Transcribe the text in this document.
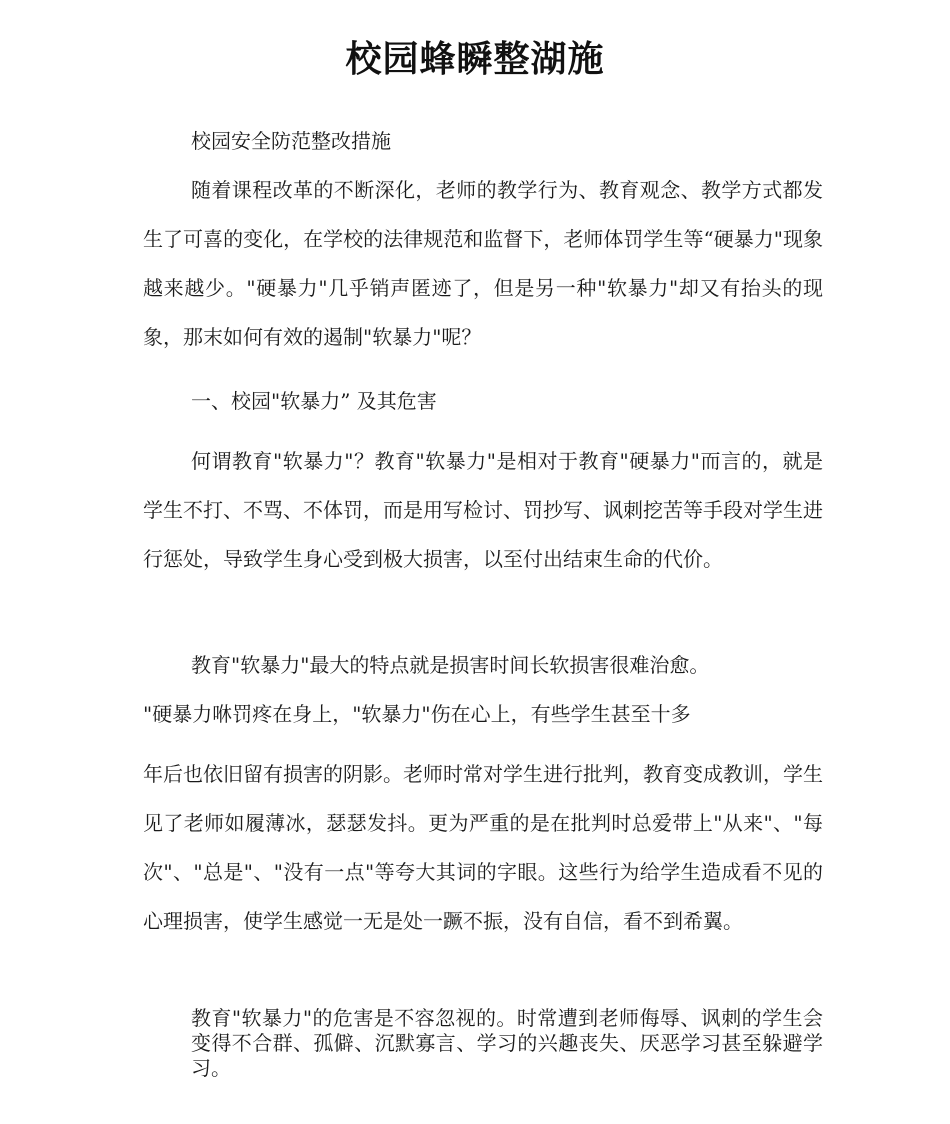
校园蜂瞬整湖施

校园安全防范整改措施

随着课程改革的不断深化，老师的教学行为、教育观念、教学方式都发生了可喜的变化，在学校的法律规范和监督下，老师体罚学生等“硬暴力"现象越来越少。"硬暴力"几乎销声匿迹了，但是另一种"软暴力"却又有抬头的现象，那末如何有效的遏制"软暴力"呢？

一、校园"软暴力” 及其危害

何谓教育"软暴力"？教育"软暴力"是相对于教育"硬暴力"而言的，就是学生不打、不骂、不体罚，而是用写检讨、罚抄写、讽刺挖苦等手段对学生进行惩处，导致学生身心受到极大损害，以至付出结束生命的代价。

教育"软暴力"最大的特点就是损害时间长软损害很难治愈。

"硬暴力咻罚疼在身上，"软暴力"伤在心上，有些学生甚至十多

年后也依旧留有损害的阴影。老师时常对学生进行批判，教育变成教训，学生见了老师如履薄冰，瑟瑟发抖。更为严重的是在批判时总爱带上"从来"、"每次"、"总是"、"没有一点"等夸大其词的字眼。这些行为给学生造成看不见的心理损害，使学生感觉一无是处一蹶不振，没有自信，看不到希翼。

教育"软暴力"的危害是不容忽视的。时常遭到老师侮辱、讽刺的学生会变得不合群、孤僻、沉默寡言、学习的兴趣丧失、厌恶学习甚至躲避学习。
